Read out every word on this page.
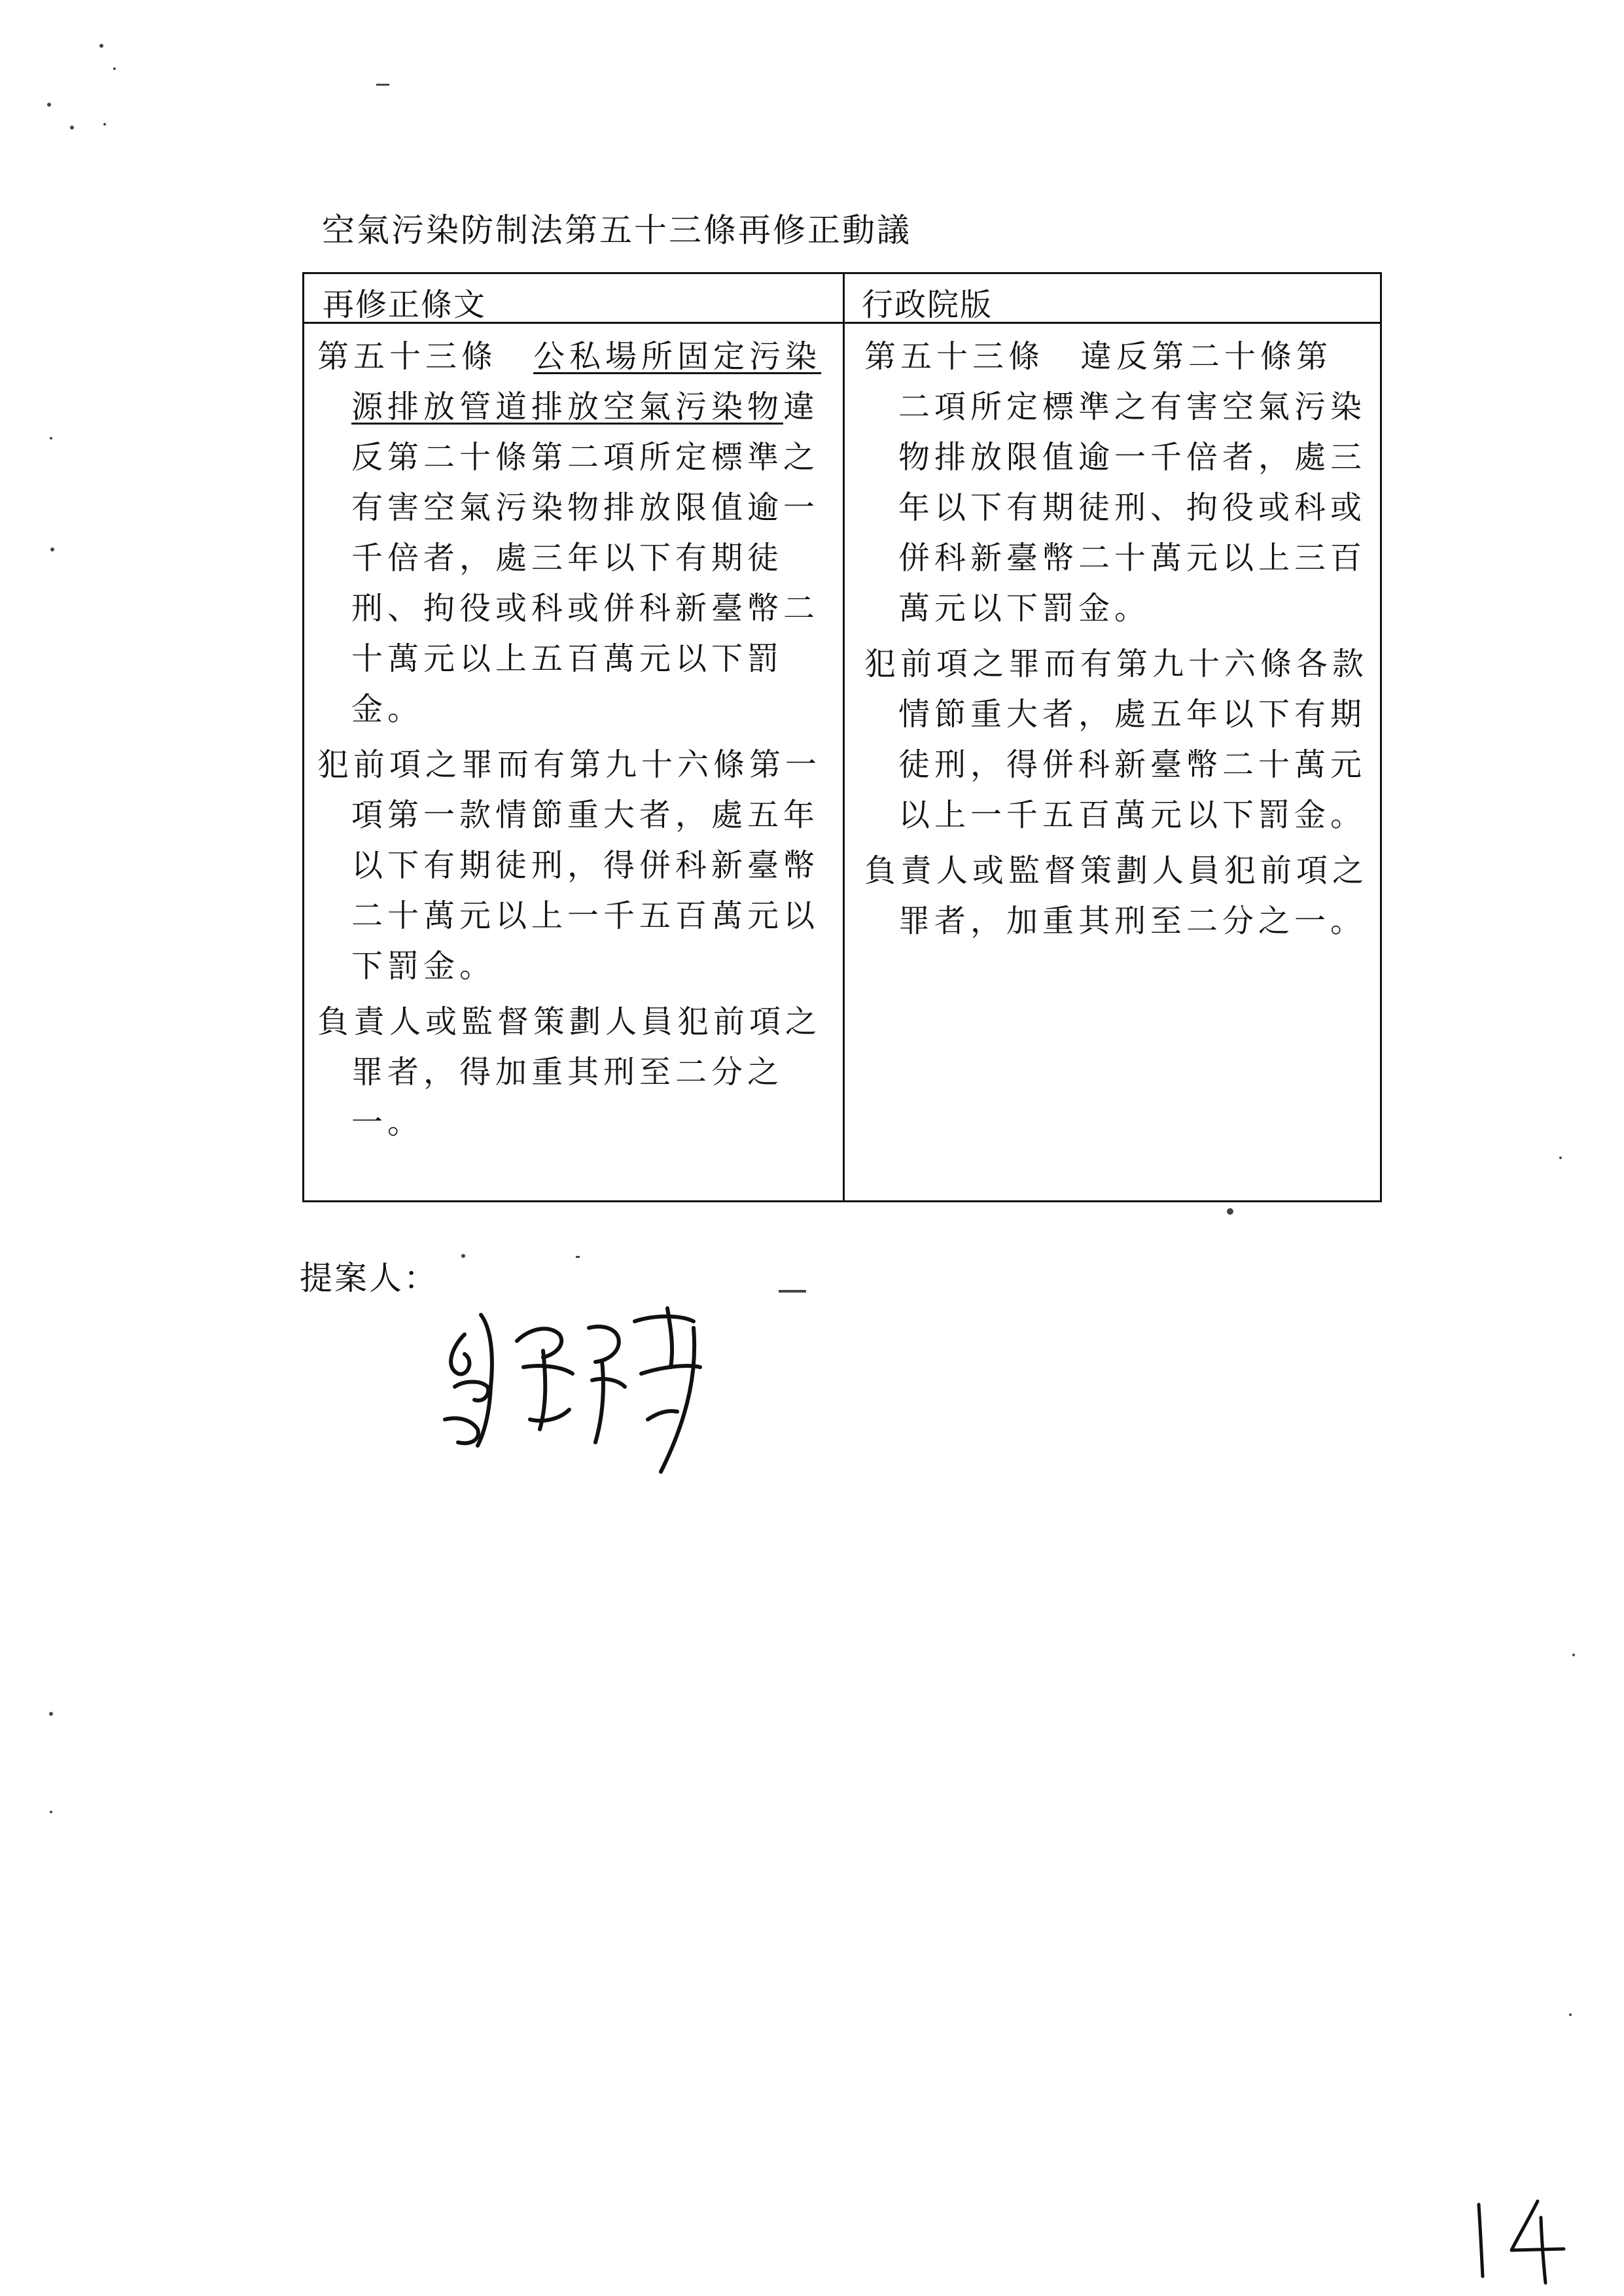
空氣污染防制法第五十三條再修正動議
再修正條文	行政院版

第五十三條　 公私場所固定污染源排放管道排放空氣污染物違反第二十條第二項所定標準之有害空氣污染物排放限值逾一千倍者，處三年以下有期徒刑、拘役或科或併科新臺幣二十萬元以上五百萬元以下罰金。

犯前項之罪而有第九十六條第一項第一款情節重大者，處五年以下有期徒刑，得併科新臺幣二十萬元以上一千五百萬元以下罰金。

負責人或監督策劃人員犯前項之罪者，得加重其刑至二分之一。

第五十三條　 違反第二十條第二項所定標準之有害空氣污染物排放限值逾一千倍者，處三年以下有期徒刑、拘役或科或併科新臺幣二十萬元以上三百萬元以下罰金。

犯前項之罪而有第九十六條各款情節重大者，處五年以下有期徒刑，得併科新臺幣二十萬元以上一千五百萬元以下罰金。

負責人或監督策劃人員犯前項之罪者，加重其刑至二分之一。

提案人：
